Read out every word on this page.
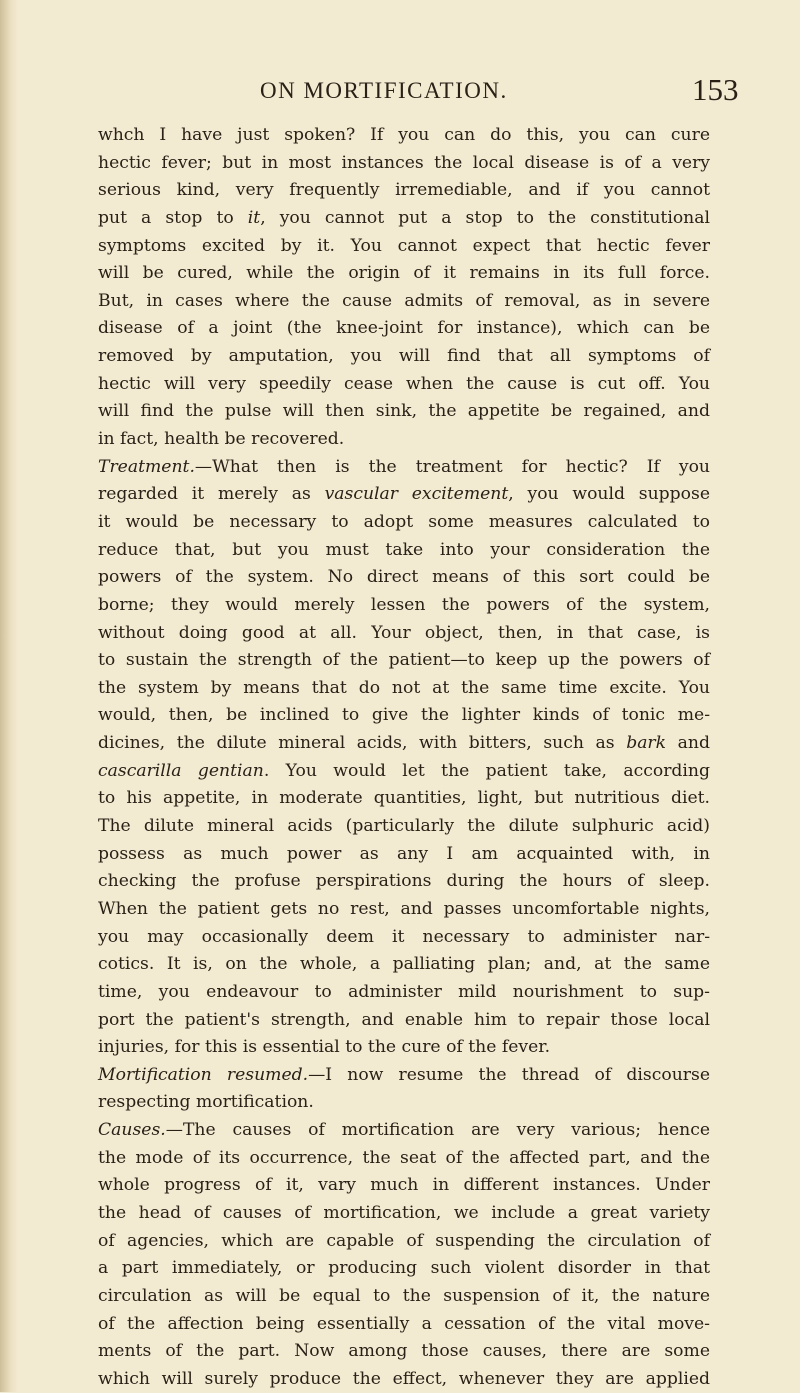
ON MORTIFICATION.	153
whch I have just spoken? If you can do this, you can cure
hectic fever; but in most instances the local disease is of a very
serious kind, very frequently irremediable, and if you cannot
put a stop to it, you cannot put a stop to the constitutional
symptoms excited by it. You cannot expect that hectic fever
will be cured, while the origin of it remains in its full force.
But, in cases where the cause admits of removal, as in severe
disease of a joint (the knee-joint for instance), which can be
removed by amputation, you will find that all symptoms of
hectic will very speedily cease when the cause is cut off. You
will find the pulse will then sink, the appetite be regained, and
in fact, health be recovered.
Treatment.—What then is the treatment for hectic? If you
regarded it merely as vascular excitement, you would suppose
it would be necessary to adopt some measures calculated to
reduce that, but you must take into your consideration the
powers of the system. No direct means of this sort could be
borne; they would merely lessen the powers of the system,
without doing good at all. Your object, then, in that case, is
to sustain the strength of the patient—to keep up the powers of
the system by means that do not at the same time excite. You
would, then, be inclined to give the lighter kinds of tonic me-
dicines, the dilute mineral acids, with bitters, such as bark and
cascarilla gentian. You would let the patient take, according
to his appetite, in moderate quantities, light, but nutritious diet.
The dilute mineral acids (particularly the dilute sulphuric acid)
possess as much power as any I am acquainted with, in
checking the profuse perspirations during the hours of sleep.
When the patient gets no rest, and passes uncomfortable nights,
you may occasionally deem it necessary to administer nar-
cotics. It is, on the whole, a palliating plan; and, at the same
time, you endeavour to administer mild nourishment to sup-
port the patient's strength, and enable him to repair those local
injuries, for this is essential to the cure of the fever.
Mortification resumed.—I now resume the thread of discourse
respecting mortification.
Causes.—The causes of mortification are very various; hence
the mode of its occurrence, the seat of the affected part, and the
whole progress of it, vary much in different instances. Under
the head of causes of mortification, we include a great variety
of agencies, which are capable of suspending the circulation of
a part immediately, or producing such violent disorder in that
circulation as will be equal to the suspension of it, the nature
of the affection being essentially a cessation of the vital move-
ments of the part. Now among those causes, there are some
which will surely produce the effect, whenever they are applied
